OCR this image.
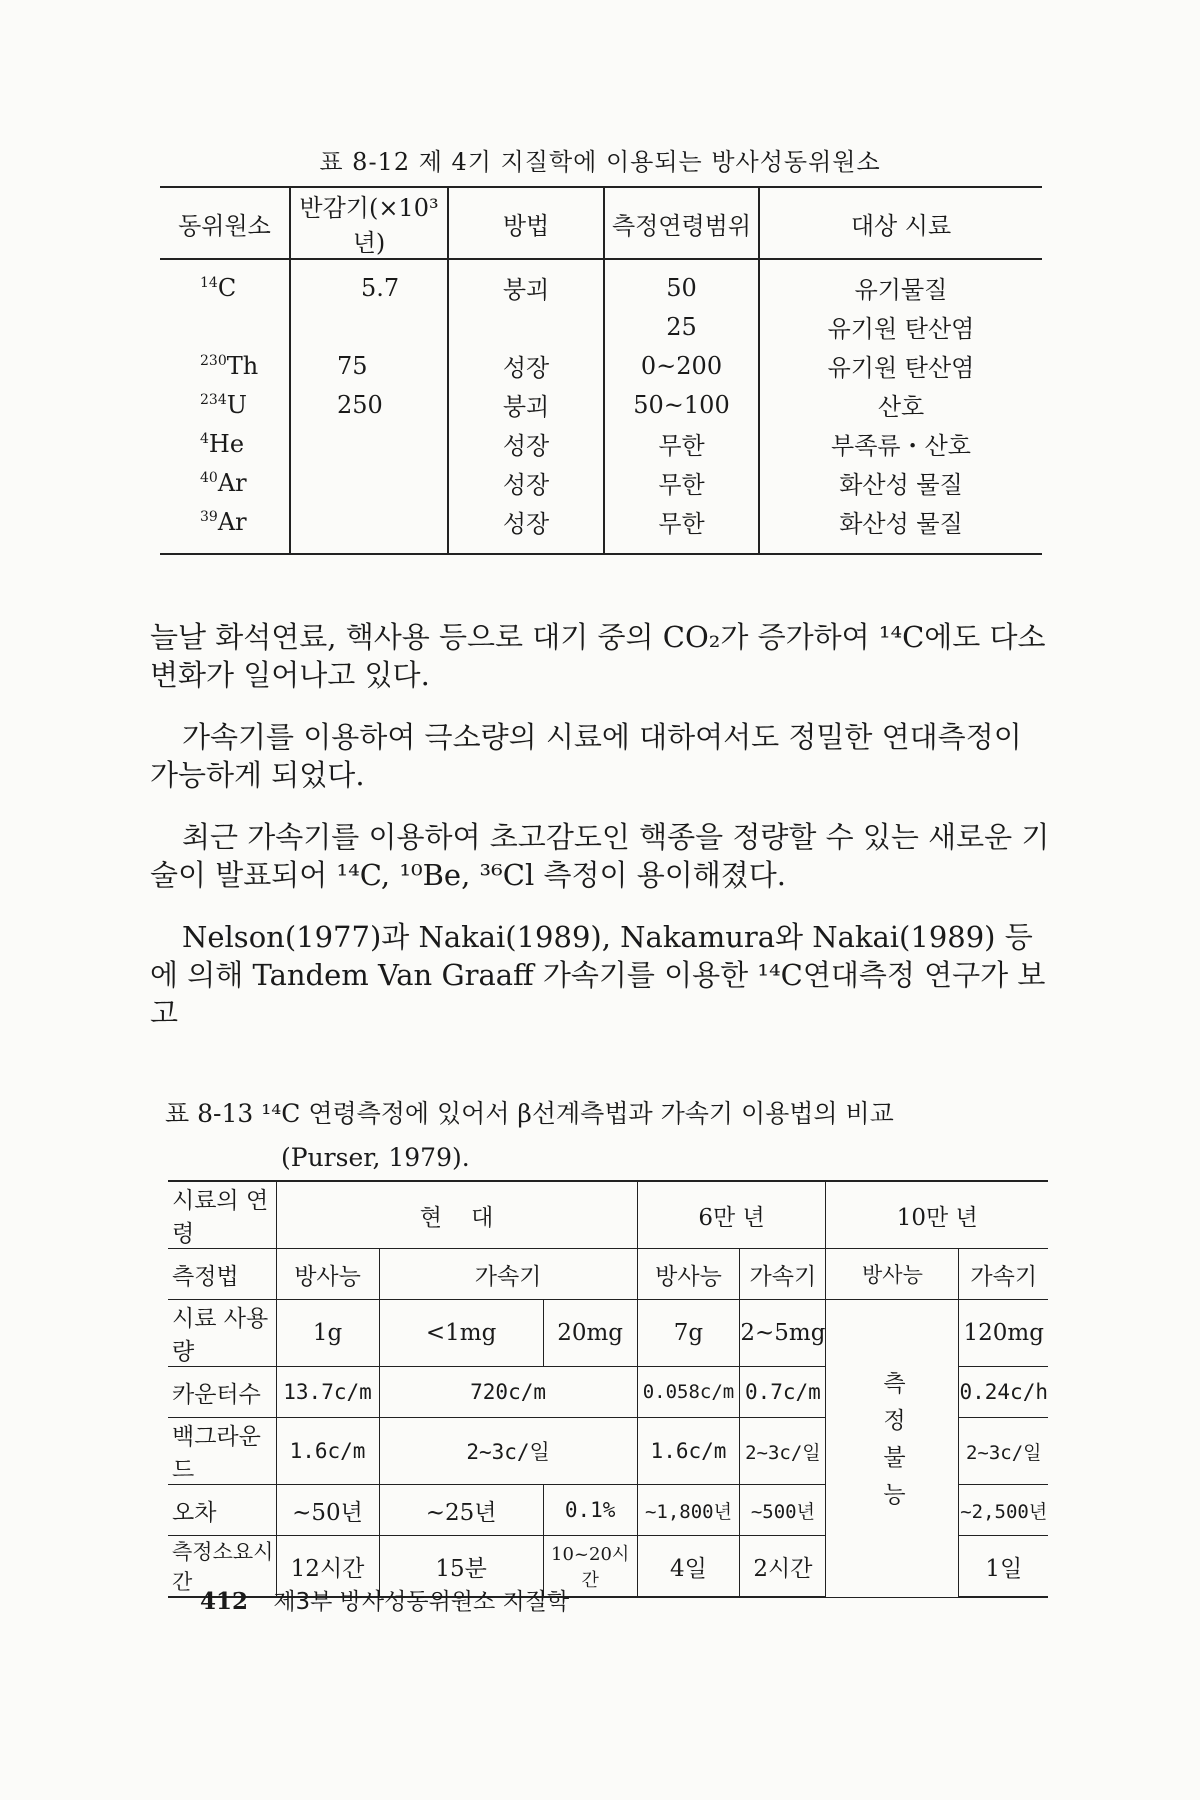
표 8-12 제 4기 지질학에 이용되는 방사성동위원소
동위원소	반감기(×10³년)	방법	측정연령범위	대상 시료
$^{14}$C	5.7	붕괴	50	유기물질
			25	유기원 탄산염
$^{230}$Th	75	성장	0~200	유기원 탄산염
$^{234}$U	250	붕괴	50~100	산호
$^4$He		성장	무한	부족류・산호
$^{40}$Ar		성장	무한	화산성 물질
$^{39}$Ar		성장	무한	화산성 물질

늘날 화석연료, 핵사용 등으로 대기 중의 CO₂가 증가하여 ¹⁴C에도 다소 변화가 일어나고 있다.

가속기를 이용하여 극소량의 시료에 대하여서도 정밀한 연대측정이 가능하게 되었다.

최근 가속기를 이용하여 초고감도인 핵종을 정량할 수 있는 새로운 기술이 발표되어 ¹⁴C, ¹⁰Be, ³⁶Cl 측정이 용이해졌다.

Nelson(1977)과 Nakai(1989), Nakamura와 Nakai(1989) 등에 의해 Tandem Van Graaff 가속기를 이용한 ¹⁴C연대측정 연구가 보고

표 8-13 ¹⁴C 연령측정에 있어서 β선계측법과 가속기 이용법의 비교
(Purser, 1979).
시료의 연령	현    대			6만 년		10만 년	
측정법	방사능	가속기		방사능	가속기	방사능	가속기
시료 사용량	1g	<1mg	20mg	7g	2~5mg	측정불능	120mg
카운터수	13.7c/m	720c/m		0.058c/m	0.7c/m		0.24c/h
백그라운드	1.6c/m	2~3c/일		1.6c/m	2~3c/일		2~3c/일
오차	~50년	~25년	0.1%	~1,800년	~500년		~2,500년
측정소요시간	12시간	15분	10~20시간	4일	2시간		1일
412 제3부 방사성동위원소 지질학
